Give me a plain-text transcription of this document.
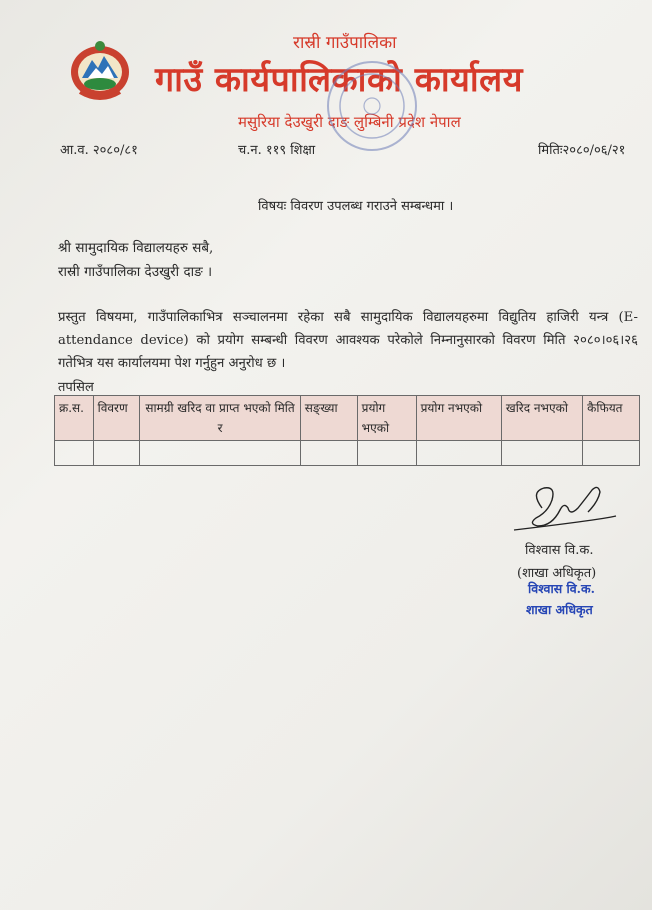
रास्री गाउँपालिका
गाउँ कार्यपालिकाको कार्यालय
मसुरिया देउखुरी दाङ लुम्बिनी प्रदेश नेपाल
आ.व. २०८०/८१	च.न. ११९ शिक्षा	मितिः२०८०/०६/२१
विषयः विवरण उपलब्ध गराउने सम्बन्धमा ।
श्री सामुदायिक विद्यालयहरु सबै,
रास्री गाउँपालिका देउखुरी दाङ ।
प्रस्तुत विषयमा, गाउँपालिकाभित्र सञ्चालनमा रहेका सबै सामुदायिक विद्यालयहरुमा विद्युतिय हाजिरी यन्त्र (E-attendance device) को प्रयोग सम्बन्धी विवरण आवश्यक परेकोले निम्नानुसारको विवरण मिति २०८०।०६।२६ गतेभित्र यस कार्यालयमा पेश गर्नुहुन अनुरोध छ ।
तपसिल
क्र.स.	विवरण	सामग्री खरिद वा प्राप्त भएको मिति र	सङ्ख्या	प्रयोग भएको	प्रयोग नभएको	खरिद नभएको	कैफियत

विश्वास वि.क.
(शाखा अधिकृत)
विश्वास वि.क.
शाखा अधिकृत
